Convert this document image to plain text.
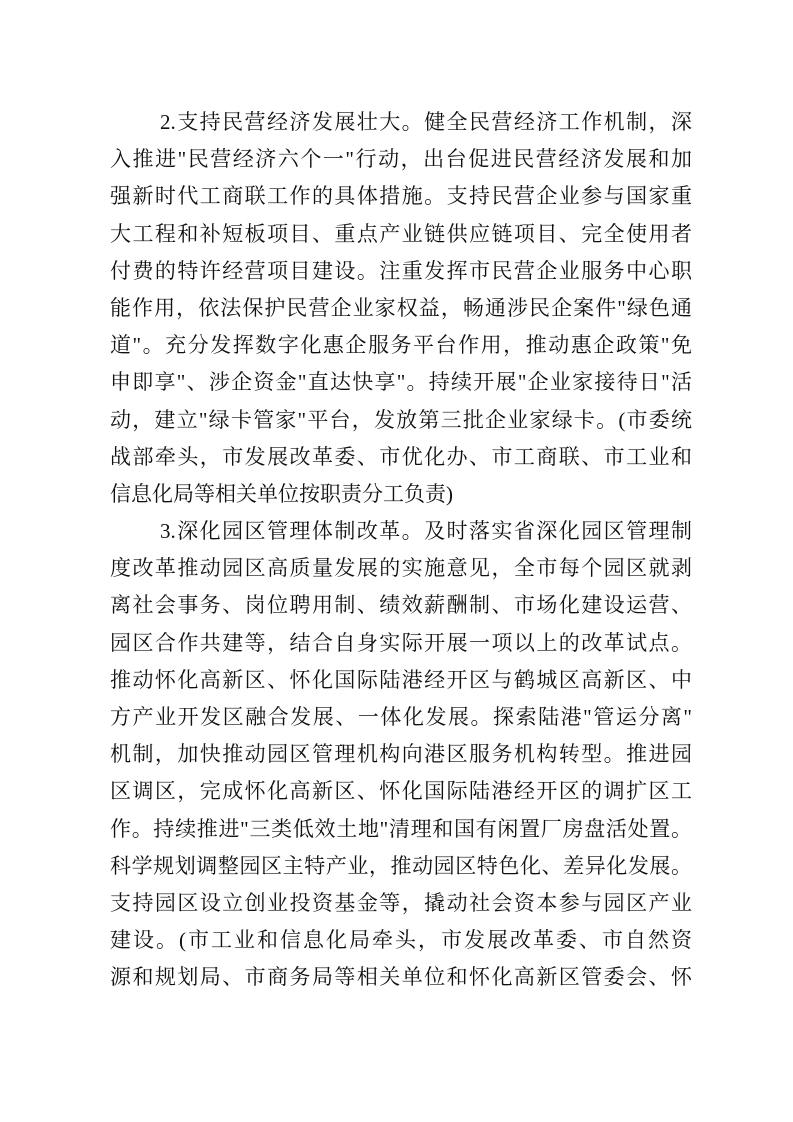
2.支持民营经济发展壮大。健全民营经济工作机制，深
入推进"民营经济六个一"行动，出台促进民营经济发展和加
强新时代工商联工作的具体措施。支持民营企业参与国家重
大工程和补短板项目、重点产业链供应链项目、完全使用者
付费的特许经营项目建设。注重发挥市民营企业服务中心职
能作用，依法保护民营企业家权益，畅通涉民企案件"绿色通
道"。充分发挥数字化惠企服务平台作用，推动惠企政策"免
申即享"、涉企资金"直达快享"。持续开展"企业家接待日"活
动，建立"绿卡管家"平台，发放第三批企业家绿卡。(市委统
战部牵头，市发展改革委、市优化办、市工商联、市工业和
信息化局等相关单位按职责分工负责)
3.深化园区管理体制改革。及时落实省深化园区管理制
度改革推动园区高质量发展的实施意见，全市每个园区就剥
离社会事务、岗位聘用制、绩效薪酬制、市场化建设运营、
园区合作共建等，结合自身实际开展一项以上的改革试点。
推动怀化高新区、怀化国际陆港经开区与鹤城区高新区、中
方产业开发区融合发展、一体化发展。探索陆港"管运分离"
机制，加快推动园区管理机构向港区服务机构转型。推进园
区调区，完成怀化高新区、怀化国际陆港经开区的调扩区工
作。持续推进"三类低效土地"清理和国有闲置厂房盘活处置。
科学规划调整园区主特产业，推动园区特色化、差异化发展。
支持园区设立创业投资基金等，撬动社会资本参与园区产业
建设。(市工业和信息化局牵头，市发展改革委、市自然资
源和规划局、市商务局等相关单位和怀化高新区管委会、怀
